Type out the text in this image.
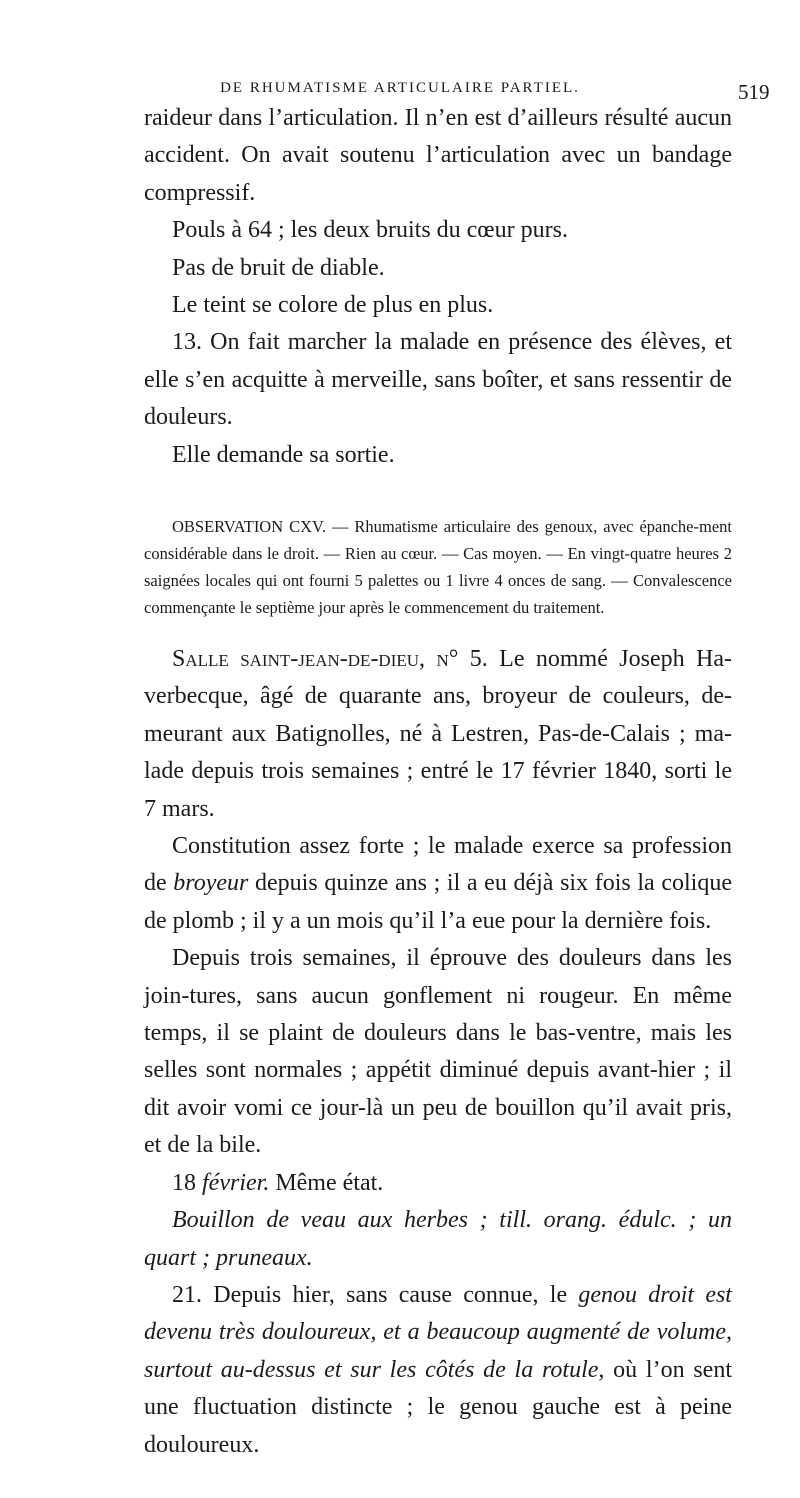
DE RHUMATISME ARTICULAIRE PARTIEL.	519

raideur dans l’articulation. Il n’en est d’ailleurs résulté aucun accident. On avait soutenu l’articulation avec un bandage compressif.

Pouls à 64 ; les deux bruits du cœur purs.

Pas de bruit de diable.

Le teint se colore de plus en plus.

13. On fait marcher la malade en présence des élèves, et elle s’en acquitte à merveille, sans boîter, et sans ressentir de douleurs.

Elle demande sa sortie.

OBSERVATION CXV. — Rhumatisme articulaire des genoux, avec épanche-ment considérable dans le droit. — Rien au cœur. — Cas moyen. — En vingt-quatre heures 2 saignées locales qui ont fourni 5 palettes ou 1 livre 4 onces de sang. — Convalescence commençante le septième jour après le commencement du traitement.

Salle saint-jean-de-dieu, n° 5. Le nommé Joseph Ha-verbecque, âgé de quarante ans, broyeur de couleurs, de-meurant aux Batignolles, né à Lestren, Pas-de-Calais ; ma-lade depuis trois semaines ; entré le 17 février 1840, sorti le 7 mars.

Constitution assez forte ; le malade exerce sa profession de broyeur depuis quinze ans ; il a eu déjà six fois la colique de plomb ; il y a un mois qu’il l’a eue pour la dernière fois.

Depuis trois semaines, il éprouve des douleurs dans les join-tures, sans aucun gonflement ni rougeur. En même temps, il se plaint de douleurs dans le bas-ventre, mais les selles sont normales ; appétit diminué depuis avant-hier ; il dit avoir vomi ce jour-là un peu de bouillon qu’il avait pris, et de la bile.

18 février. Même état.

Bouillon de veau aux herbes ; till. orang. édulc. ; un quart ; pruneaux.

21. Depuis hier, sans cause connue, le genou droit est devenu très douloureux, et a beaucoup augmenté de volume, surtout au-dessus et sur les côtés de la rotule, où l’on sent une fluctuation distincte ; le genou gauche est à peine douloureux.
